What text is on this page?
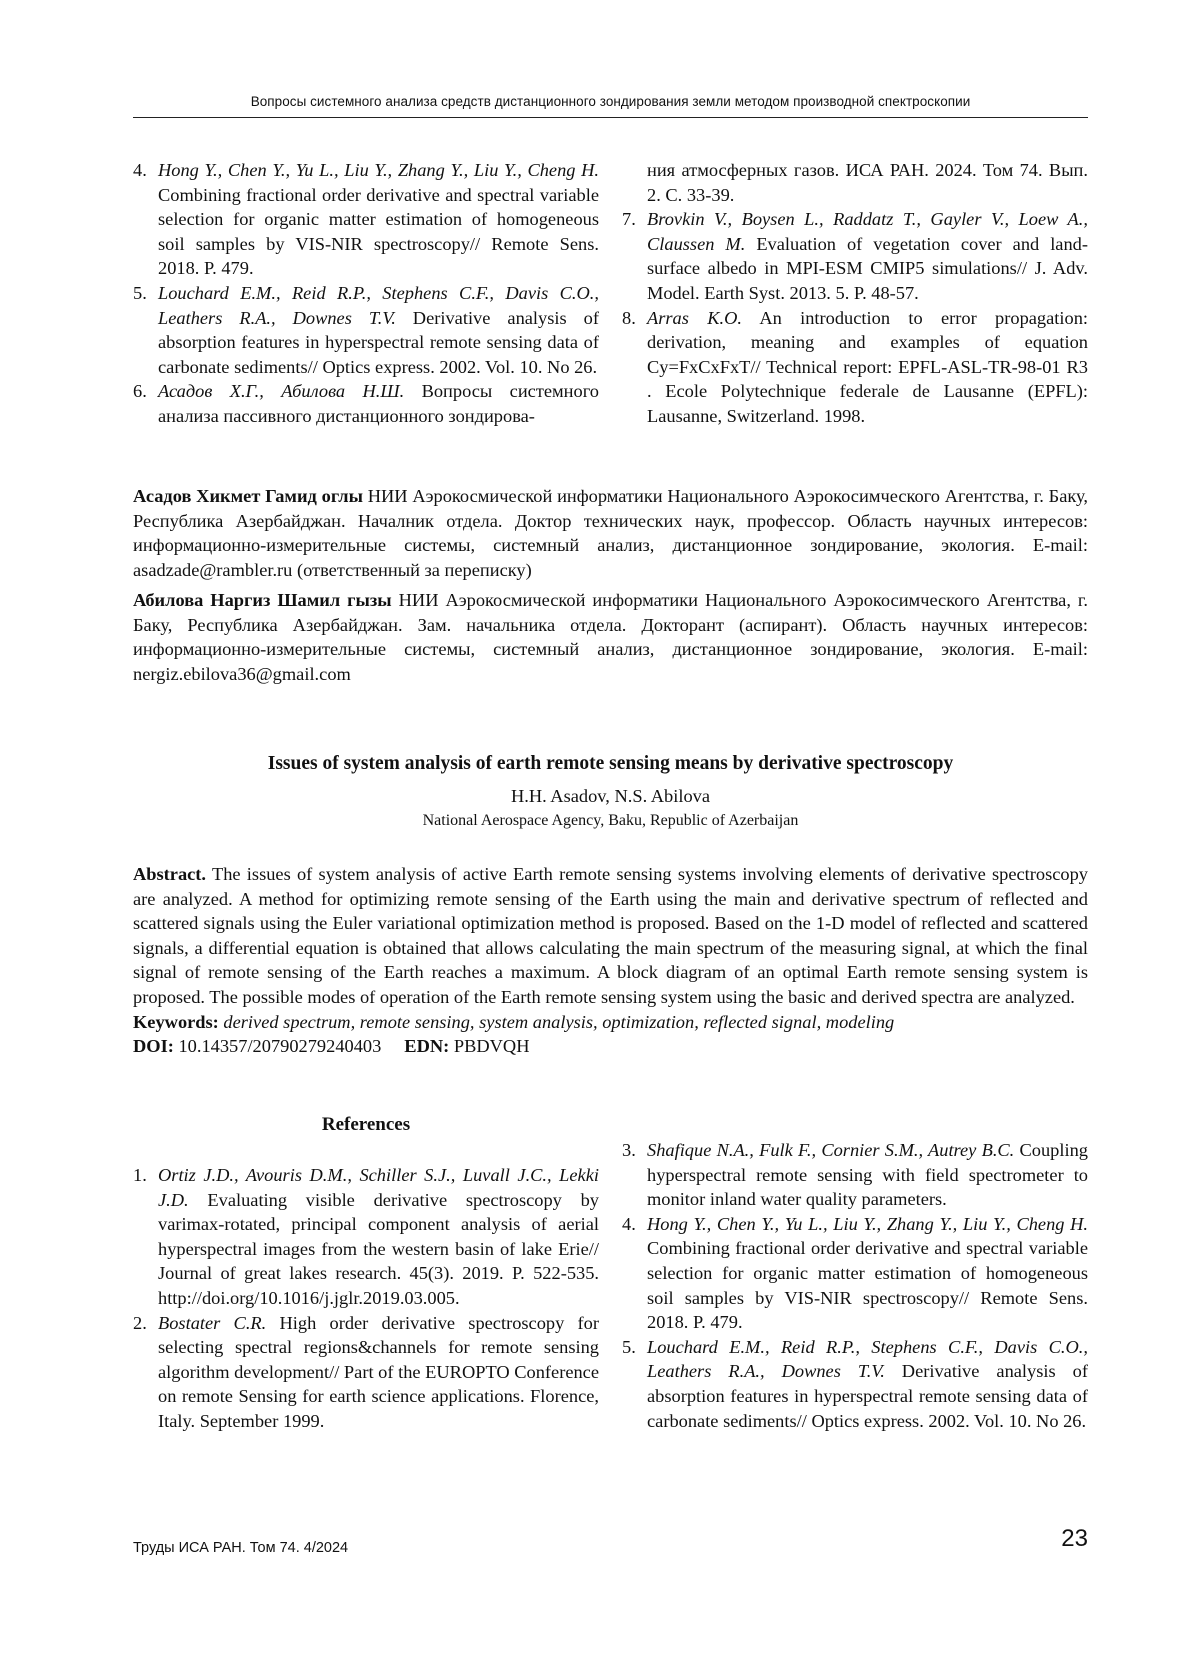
Вопросы системного анализа средств дистанционного зондирования земли методом производной спектроскопии
4. Hong Y., Chen Y., Yu L., Liu Y., Zhang Y., Liu Y., Cheng H. Combining fractional order derivative and spectral variable selection for organic matter estimation of homogeneous soil samples by VIS-NIR spectroscopy// Remote Sens. 2018. P. 479.
5. Louchard E.M., Reid R.P., Stephens C.F., Davis C.O., Leathers R.A., Downes T.V. Derivative analysis of absorption features in hyperspectral remote sensing data of carbonate sediments// Optics express. 2002. Vol. 10. No 26.
6. Асадов Х.Г., Абилова Н.Ш. Вопросы системного анализа пассивного дистанционного зондирова-
ния атмосферных газов. ИСА РАН. 2024. Том 74. Вып. 2. С. 33-39.
7. Brovkin V., Boysen L., Raddatz T., Gayler V., Loew A., Claussen M. Evaluation of vegetation cover and land-surface albedo in MPI-ESM CMIP5 simulations// J. Adv. Model. Earth Syst. 2013. 5. P. 48-57.
8. Arras K.O. An introduction to error propagation: derivation, meaning and examples of equation Cy=FxCxFxT// Technical report: EPFL-ASL-TR-98-01 R3 . Ecole Polytechnique federale de Lausanne (EPFL): Lausanne, Switzerland. 1998.
Асадов Хикмет Гамид оглы НИИ Аэрокосмической информатики Национального Аэрокосимческого Агентства, г. Баку, Республика Азербайджан. Началник отдела. Доктор технических наук, профессор. Область научных интересов: информационно-измерительные системы, системный анализ, дистанционное зондирование, экология. E-mail: asadzade@rambler.ru (ответственный за переписку)
Абилова Наргиз Шамил гызы НИИ Аэрокосмической информатики Национального Аэрокосимческого Агентства, г. Баку, Республика Азербайджан. Зам. начальника отдела. Докторант (аспирант). Область научных интересов: информационно-измерительные системы, системный анализ, дистанционное зондирование, экология. E-mail: nergiz.ebilova36@gmail.com
Issues of system analysis of earth remote sensing means by derivative spectroscopy
H.H. Asadov, N.S. Abilova
National Aerospace Agency, Baku, Republic of Azerbaijan
Abstract. The issues of system analysis of active Earth remote sensing systems involving elements of derivative spectroscopy are analyzed. A method for optimizing remote sensing of the Earth using the main and derivative spectrum of reflected and scattered signals using the Euler variational optimization method is proposed. Based on the 1-D model of reflected and scattered signals, a differential equation is obtained that allows calculating the main spectrum of the measuring signal, at which the final signal of remote sensing of the Earth reaches a maximum. A block diagram of an optimal Earth remote sensing system is proposed. The possible modes of operation of the Earth remote sensing system using the basic and derived spectra are analyzed.
Keywords: derived spectrum, remote sensing, system analysis, optimization, reflected signal, modeling
DOI: 10.14357/20790279240403 EDN: PBDVQH
References
1. Ortiz J.D., Avouris D.M., Schiller S.J., Luvall J.C., Lekki J.D. Evaluating visible derivative spectroscopy by varimax-rotated, principal component analysis of aerial hyperspectral images from the western basin of lake Erie// Journal of great lakes research. 45(3). 2019. P. 522-535. http://doi.org/10.1016/j.jglr.2019.03.005.
2. Bostater C.R. High order derivative spectroscopy for selecting spectral regions&channels for remote sensing algorithm development// Part of the EUROPTO Conference on remote Sensing for earth science applications. Florence, Italy. September 1999.
3. Shafique N.A., Fulk F., Cornier S.M., Autrey B.C. Coupling hyperspectral remote sensing with field spectrometer to monitor inland water quality parameters.
4. Hong Y., Chen Y., Yu L., Liu Y., Zhang Y., Liu Y., Cheng H. Combining fractional order derivative and spectral variable selection for organic matter estimation of homogeneous soil samples by VIS-NIR spectroscopy// Remote Sens. 2018. P. 479.
5. Louchard E.M., Reid R.P., Stephens C.F., Davis C.O., Leathers R.A., Downes T.V. Derivative analysis of absorption features in hyperspectral remote sensing data of carbonate sediments// Optics express. 2002. Vol. 10. No 26.
Труды ИСА РАН. Том 74. 4/2024	23
